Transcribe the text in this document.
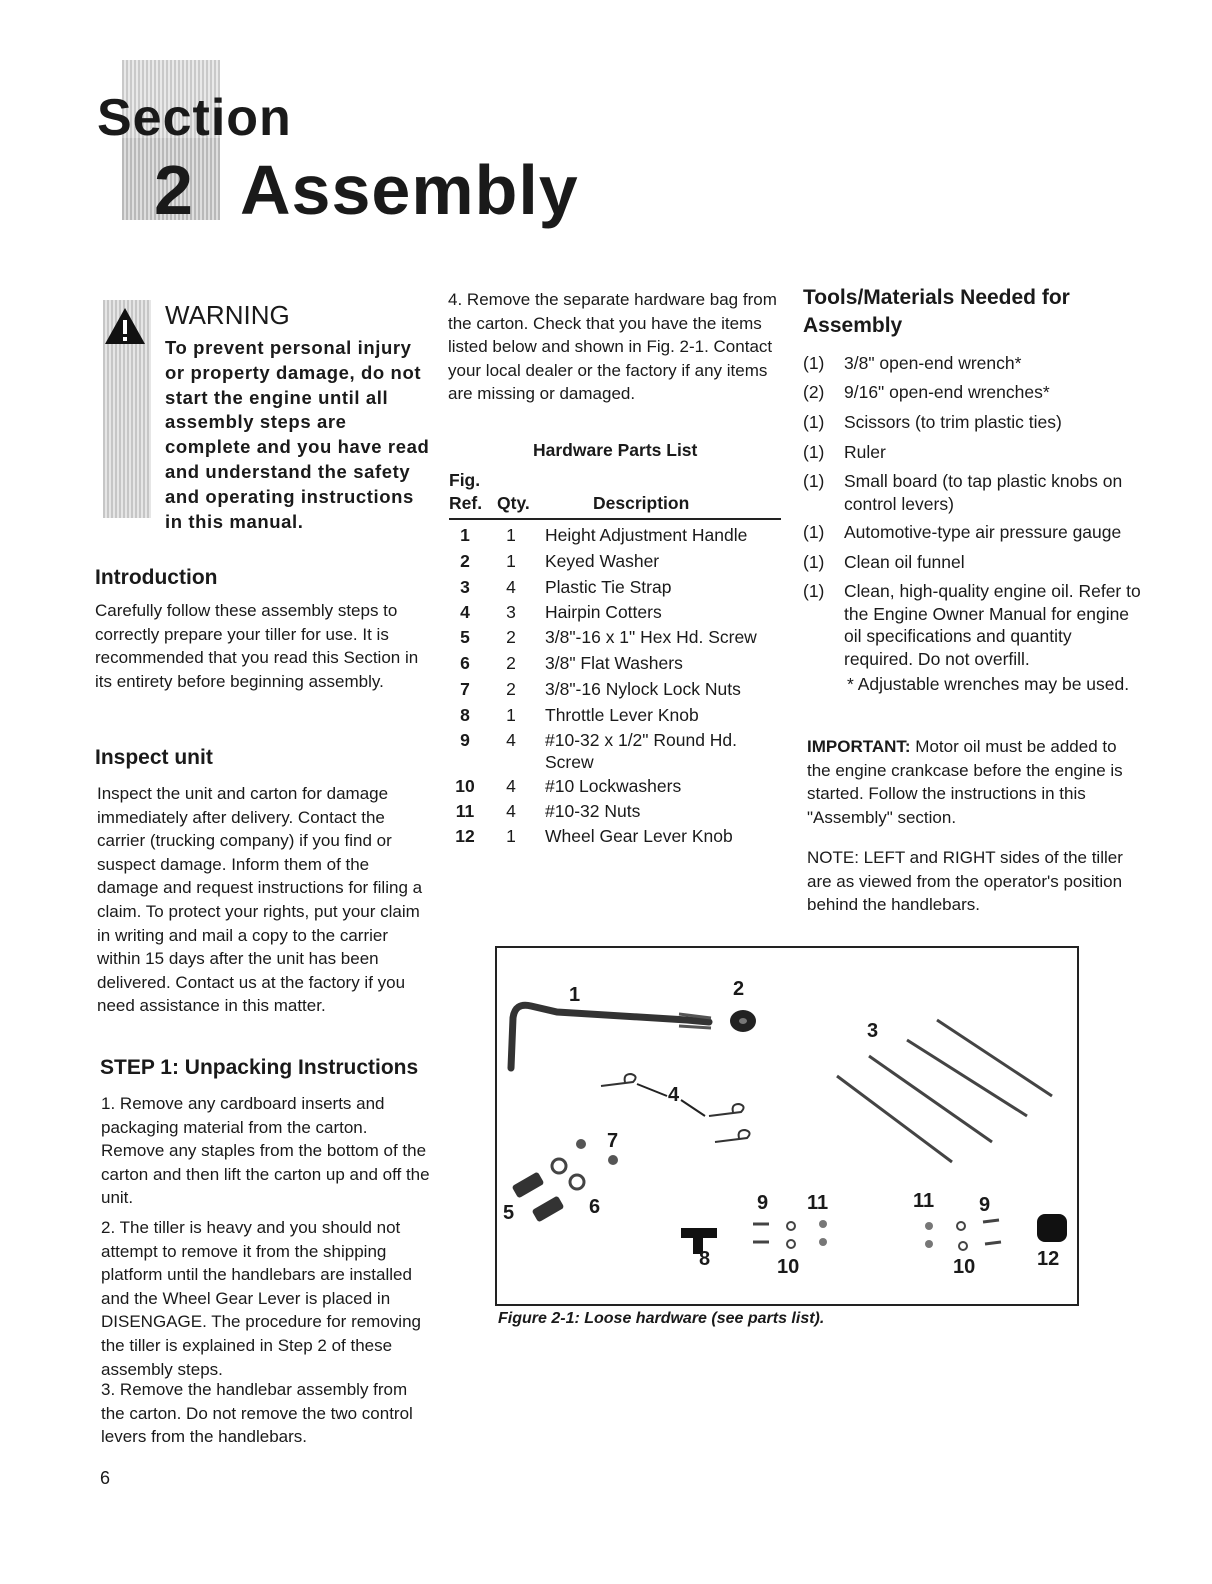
Section
2 Assembly
WARNING
To prevent personal injury or property damage, do not start the engine until all assembly steps are complete and you have read and understand the safety and operating instructions in this manual.
Introduction

Carefully follow these assembly steps to correctly prepare your tiller for use. It is recommended that you read this Section in its entirety before beginning assembly.

Inspect unit

Inspect the unit and carton for damage immediately after delivery. Contact the carrier (trucking company) if you find or suspect damage. Inform them of the damage and request instructions for filing a claim. To protect your rights, put your claim in writing and mail a copy to the carrier within 15 days after the unit has been delivered. Contact us at the factory if you need assistance in this matter.

STEP 1: Unpacking Instructions

1. Remove any cardboard inserts and packaging material from the carton. Remove any staples from the bottom of the carton and then lift the carton up and off the unit.

2. The tiller is heavy and you should not attempt to remove it from the shipping platform until the handlebars are installed and the Wheel Gear Lever is placed in DISENGAGE. The procedure for removing the tiller is explained in Step 2 of these assembly steps.

3. Remove the handlebar assembly from the carton. Do not remove the two control levers from the handlebars.

6

4. Remove the separate hardware bag from the carton. Check that you have the items listed below and shown in Fig. 2-1. Contact your local dealer or the factory if any items are missing or damaged.

Hardware Parts List
Fig.
Ref. Qty.	Description
1	1 Height Adjustment Handle
2	1 Keyed Washer
3	4 Plastic Tie Strap
4	3 Hairpin Cotters
5	2 3/8"-16 x 1" Hex Hd. Screw
6	2 3/8" Flat Washers
7	2 3/8"-16 Nylock Lock Nuts
8	1 Throttle Lever Knob
9	4 #10-32 x 1/2" Round Hd. Screw
10 4 #10 Lockwashers
11 4 #10-32 Nuts
12 1 Wheel Gear Lever Knob
Tools/Materials Needed for
Assembly
(1) 3/8" open-end wrench*
(2) 9/16" open-end wrenches*
(1) Scissors (to trim plastic ties)
(1) Ruler
(1) Small board (to tap plastic knobs on control levers)
(1) Automotive-type air pressure gauge
(1) Clean oil funnel
(1) Clean, high-quality engine oil. Refer to the Engine Owner Manual for engine oil specifications and quantity required. Do not overfill.
* Adjustable wrenches may be used.

IMPORTANT: Motor oil must be added to the engine crankcase before the engine is started. Follow the instructions in this "Assembly" section.

NOTE: LEFT and RIGHT sides of the tiller are as viewed from the operator's position behind the handlebars.

1	2
3
4
5	6
7
8
9
10
11
12
11 9
10
Figure 2-1: Loose hardware (see parts list).
